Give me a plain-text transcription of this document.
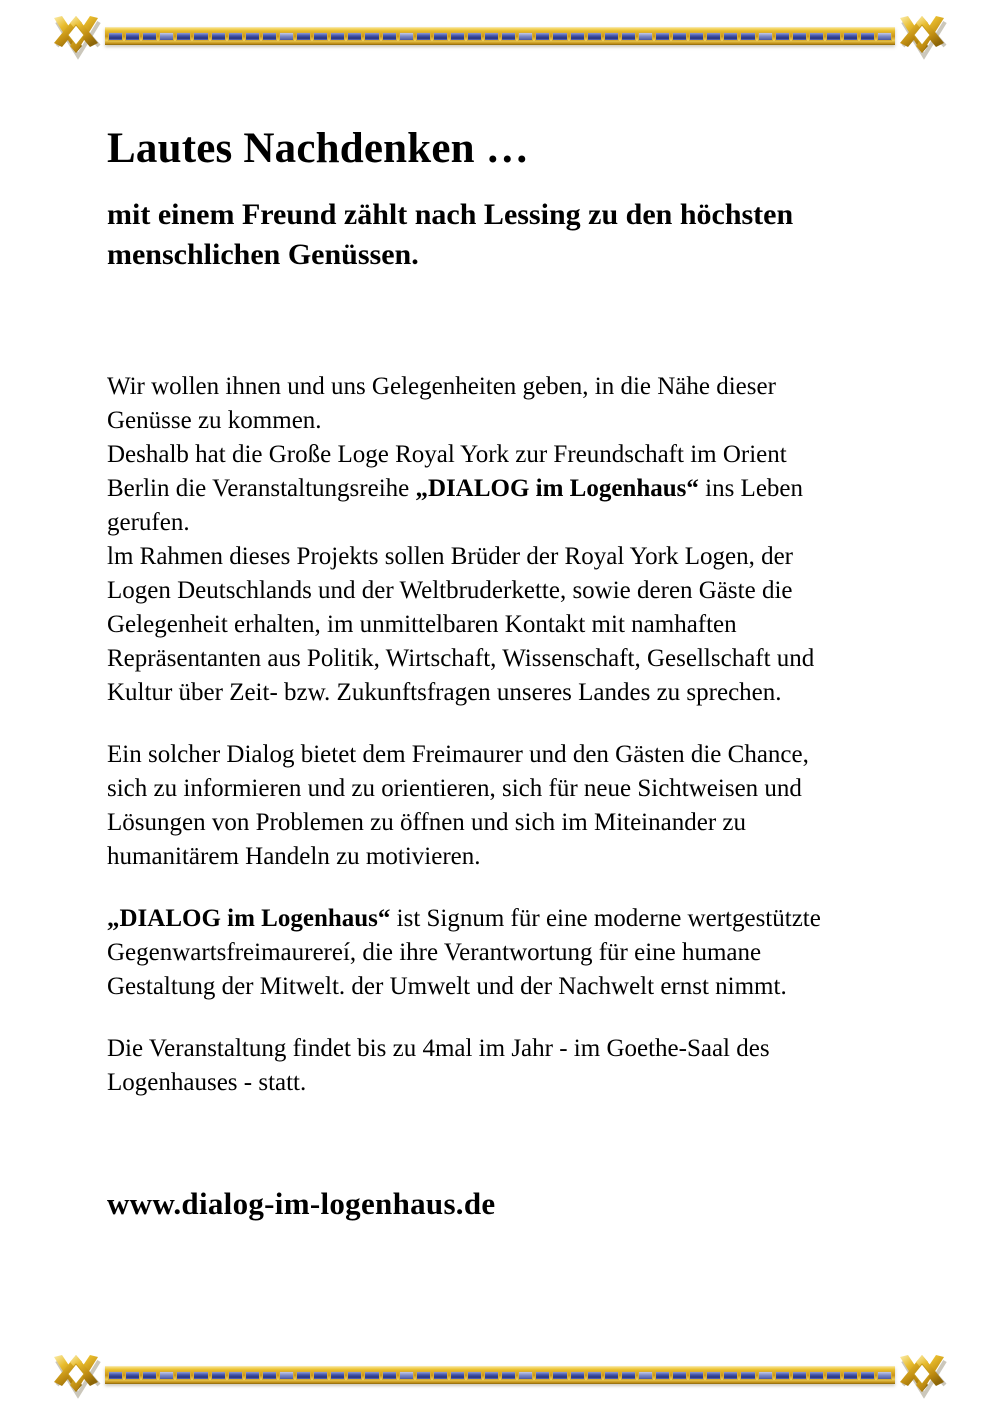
Lautes Nachdenken …
mit einem Freund zählt nach Lessing zu den höchsten menschlichen Genüssen.

Wir wollen ihnen und uns Gelegenheiten geben, in die Nähe dieser
Genüsse zu kommen.
Deshalb hat die Große Loge Royal York zur Freundschaft im Orient
Berlin die Veranstaltungsreihe „DIALOG im Logenhaus“ ins Leben
gerufen.
lm Rahmen dieses Projekts sollen Brüder der Royal York Logen, der
Logen Deutschlands und der Weltbruderkette, sowie deren Gäste die
Gelegenheit erhalten, im unmittelbaren Kontakt mit namhaften
Repräsentanten aus Politik, Wirtschaft, Wissenschaft, Gesellschaft und
Kultur über Zeit- bzw. Zukunftsfragen unseres Landes zu sprechen.

Ein solcher Dialog bietet dem Freimaurer und den Gästen die Chance,
sich zu informieren und zu orientieren, sich für neue Sichtweisen und
Lösungen von Problemen zu öffnen und sich im Miteinander zu
humanitärem Handeln zu motivieren.

„DIALOG im Logenhaus“ ist Signum für eine moderne wertgestützte
Gegenwartsfreimaurereí, die ihre Verantwortung für eine humane
Gestaltung der Mitwelt. der Umwelt und der Nachwelt ernst nimmt.

Die Veranstaltung findet bis zu 4mal im Jahr - im Goethe-Saal des
Logenhauses - statt.

www.dialog-im-logenhaus.de
